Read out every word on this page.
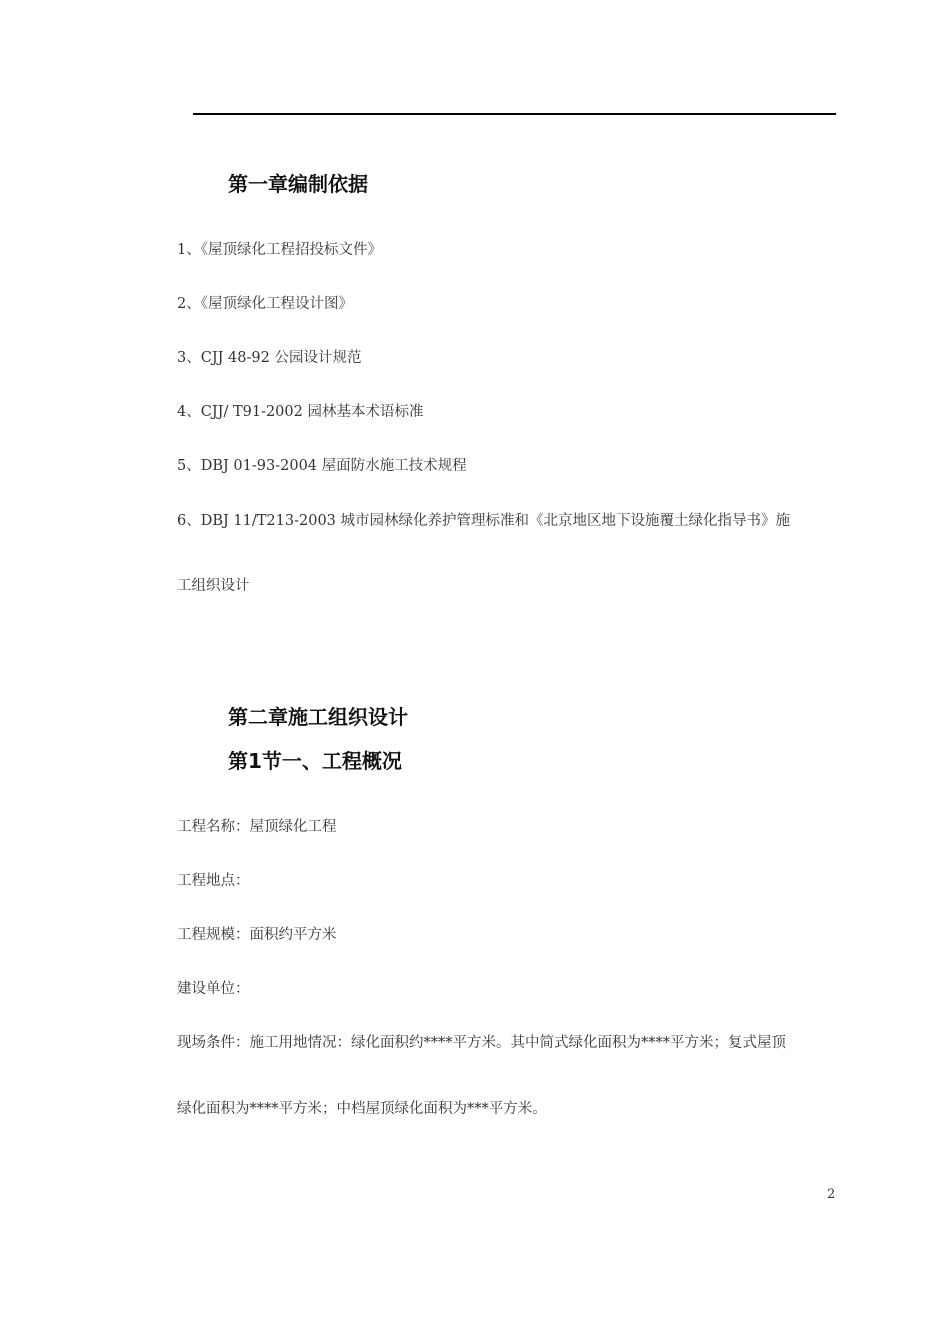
第一章编制依据
1、《屋顶绿化工程招投标文件》
2、《屋顶绿化工程设计图》
3、CJJ 48-92 公园设计规范
4、CJJ/ T91-2002 园林基本术语标准
5、DBJ 01-93-2004 屋面防水施工技术规程
6、DBJ 11/T213-2003 城市园林绿化养护管理标准和《北京地区地下设施覆土绿化指导书》施
工组织设计
第二章施工组织设计
第1节一、工程概况
工程名称：屋顶绿化工程
工程地点：
工程规模：面积约平方米
建设单位：
现场条件：施工用地情况：绿化面积约****平方米。其中简式绿化面积为****平方米；复式屋顶
绿化面积为****平方米；中档屋顶绿化面积为***平方米。
2
